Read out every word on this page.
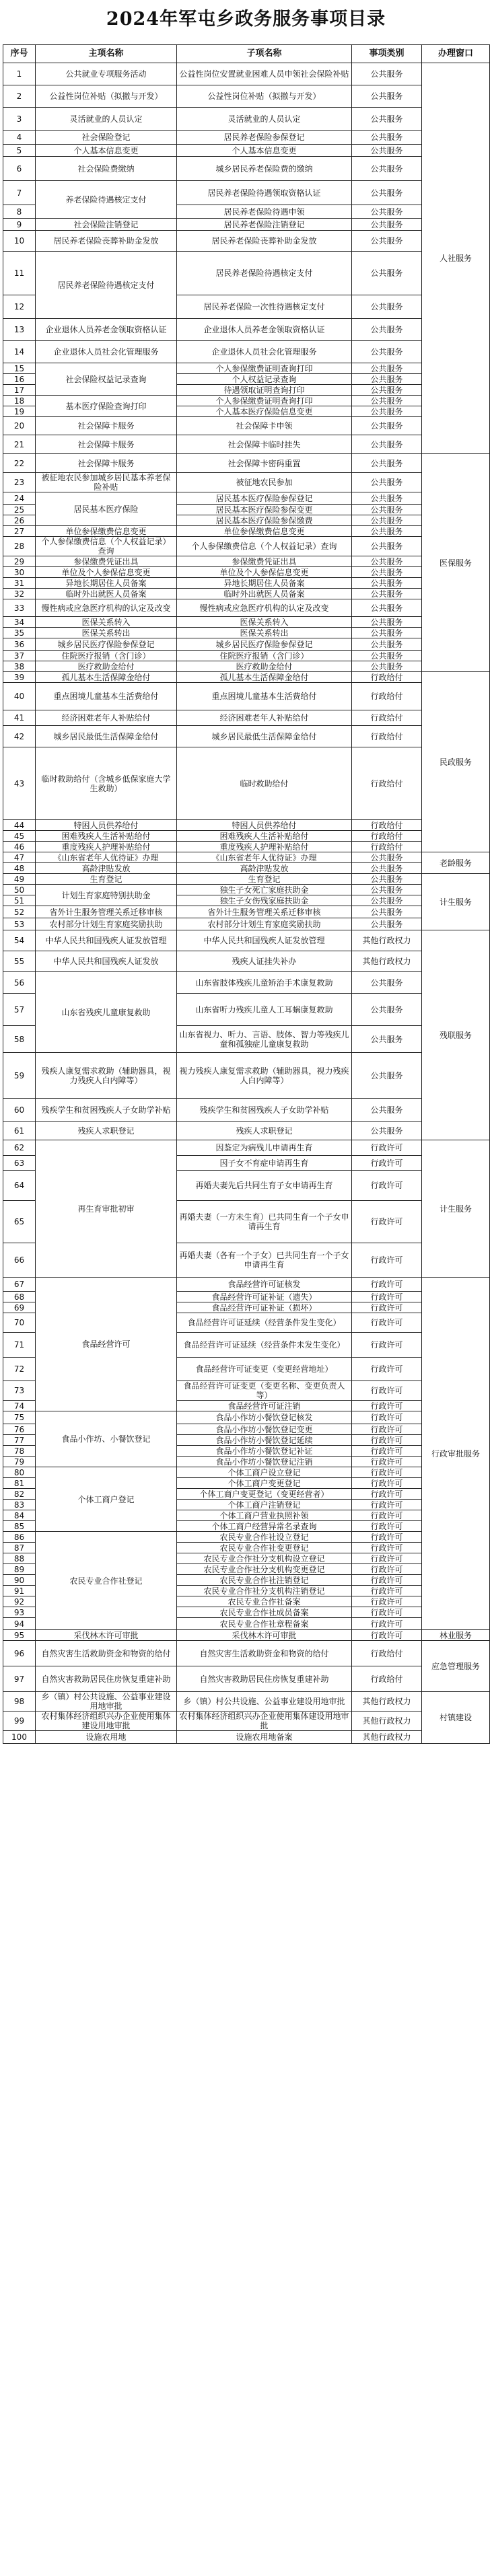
2024年军屯乡政务服务事项目录
序号	主项名称	子项名称	事项类别	办理窗口
1	公共就业专项服务活动	公益性岗位安置就业困难人员申领社会保险补贴	公共服务	人社服务
2	公益性岗位补贴（拟撤与开发）	公益性岗位补贴（拟撤与开发）	公共服务	
3	灵活就业的人员认定	灵活就业的人员认定	公共服务	
4	社会保险登记	居民养老保险参保登记	公共服务	
5	个人基本信息变更	个人基本信息变更	公共服务	
6	社会保险费缴纳	城乡居民养老保险费的缴纳	公共服务	
7	养老保险待遇核定支付	居民养老保险待遇领取资格认证	公共服务	
8		居民养老保险待遇申领	公共服务	
9	社会保险注销登记	居民养老保险注销登记	公共服务	
10	居民养老保险丧葬补助金发放	居民养老保险丧葬补助金发放	公共服务	
11	居民养老保险待遇核定支付	居民养老保险待遇核定支付	公共服务	
12		居民养老保险一次性待遇核定支付	公共服务	
13	企业退休人员养老金领取资格认证	企业退休人员养老金领取资格认证	公共服务	
14	企业退休人员社会化管理服务	企业退休人员社会化管理服务	公共服务	
15	社会保险权益记录查询	个人参保缴费证明查询打印	公共服务	
16		个人权益记录查询	公共服务	
17		待遇领取证明查询打印	公共服务	
18	基本医疗保险查询打印	个人参保缴费证明查询打印	公共服务	
19		个人基本医疗保险信息变更	公共服务	
20	社会保障卡服务	社会保障卡申领	公共服务	
21	社会保障卡服务	社会保障卡临时挂失	公共服务	
22	社会保障卡服务	社会保障卡密码重置	公共服务	医保服务
23	被征地农民参加城乡居民基本养老保险补贴	被征地农民参加	公共服务	
24	居民基本医疗保险	居民基本医疗保险参保登记	公共服务	
25		居民基本医疗保险参保变更	公共服务	
26		居民基本医疗保险参保缴费	公共服务	
27	单位参保缴费信息变更	单位参保缴费信息变更	公共服务	
28	个人参保缴费信息（个人权益记录）查询	个人参保缴费信息（个人权益记录）查询	公共服务	
29	参保缴费凭证出具	参保缴费凭证出具	公共服务	
30	单位及个人参保信息变更	单位及个人参保信息变更	公共服务	
31	异地长期居住人员备案	异地长期居住人员备案	公共服务	
32	临时外出就医人员备案	临时外出就医人员备案	公共服务	
33	慢性病或应急医疗机构的认定及改变	慢性病或应急医疗机构的认定及改变	公共服务	
34	医保关系转入	医保关系转入	公共服务	
35	医保关系转出	医保关系转出	公共服务	
36	城乡居民医疗保险参保登记	城乡居民医疗保险参保登记	公共服务	
37	住院医疗报销（含门诊）	住院医疗报销（含门诊）	公共服务	
38	医疗救助金给付	医疗救助金给付	公共服务	
39	孤儿基本生活保障金给付	孤儿基本生活保障金给付	行政给付	民政服务
40	重点困境儿童基本生活费给付	重点困境儿童基本生活费给付	行政给付	
41	经济困难老年人补贴给付	经济困难老年人补贴给付	行政给付	
42	城乡居民最低生活保障金给付	城乡居民最低生活保障金给付	行政给付	
43	临时救助给付（含城乡低保家庭大学生救助）	临时救助给付	行政给付	
44	特困人员供养给付	特困人员供养给付	行政给付	
45	困难残疾人生活补贴给付	困难残疾人生活补贴给付	行政给付	
46	重度残疾人护理补贴给付	重度残疾人护理补贴给付	行政给付	
47	《山东省老年人优待证》办理	《山东省老年人优待证》办理	公共服务	老龄服务
48	高龄津贴发放	高龄津贴发放	公共服务	
49	生育登记	生育登记	公共服务	计生服务
50	计划生育家庭特别扶助金	独生子女死亡家庭扶助金	公共服务	
51		独生子女伤残家庭扶助金	公共服务	
52	省外计生服务管理关系迁移审核	省外计生服务管理关系迁移审核	公共服务	
53	农村部分计划生育家庭奖励扶助	农村部分计划生育家庭奖励扶助	公共服务	
54	中华人民共和国残疾人证发放管理	中华人民共和国残疾人证发放管理	其他行政权力	残联服务
55	中华人民共和国残疾人证发放	残疾人证挂失补办	其他行政权力	
56	山东省残疾儿童康复救助	山东省肢体残疾儿童矫治手术康复救助	公共服务	
57		山东省听力残疾儿童人工耳蜗康复救助	公共服务	
58		山东省视力、听力、言语、肢体、智力等残疾儿童和孤独症儿童康复救助	公共服务	
59	残疾人康复需求救助（辅助器具，视力残疾人白内障等）	视力残疾人康复需求救助（辅助器具，视力残疾人白内障等）	公共服务	
60	残疾学生和贫困残疾人子女助学补贴	残疾学生和贫困残疾人子女助学补贴	公共服务	
61	残疾人求职登记	残疾人求职登记	公共服务	
62	再生育审批初审	因鉴定为病残儿申请再生育	行政许可	计生服务
63		因子女不育症申请再生育	行政许可	
64		再婚夫妻先后共同生育子女申请再生育	行政许可	
65		再婚夫妻（一方未生育）已共同生育一个子女申请再生育	行政许可	
66		再婚夫妻（各有一个子女）已共同生育一个子女申请再生育	行政许可	
67	食品经营许可	食品经营许可证核发	行政许可	行政审批服务
68		食品经营许可证补证（遗失）	行政许可	
69		食品经营许可证补证（损坏）	行政许可	
70		食品经营许可证延续（经营条件发生变化）	行政许可	
71		食品经营许可证延续（经营条件未发生变化）	行政许可	
72		食品经营许可证变更（变更经营地址）	行政许可	
73		食品经营许可证变更（变更名称、变更负责人等）	行政许可	
74		食品经营许可证注销	行政许可	
75	食品小作坊、小餐饮登记	食品小作坊小餐饮登记核发	行政许可	
76		食品小作坊小餐饮登记变更	行政许可	
77		食品小作坊小餐饮登记延续	行政许可	
78		食品小作坊小餐饮登记补证	行政许可	
79		食品小作坊小餐饮登记注销	行政许可	
80	个体工商户登记	个体工商户设立登记	行政许可	
81		个体工商户变更登记	行政许可	
82		个体工商户变更登记（变更经营者）	行政许可	
83		个体工商户注销登记	行政许可	
84		个体工商户营业执照补领	行政许可	
85		个体工商户经营异常名录查询	行政许可	
86	农民专业合作社登记	农民专业合作社设立登记	行政许可	
87		农民专业合作社变更登记	行政许可	
88		农民专业合作社分支机构设立登记	行政许可	
89		农民专业合作社分支机构变更登记	行政许可	
90		农民专业合作社注销登记	行政许可	
91		农民专业合作社分支机构注销登记	行政许可	
92		农民专业合作社备案	行政许可	
93		农民专业合作社成员备案	行政许可	
94		农民专业合作社章程备案	行政许可	
95	采伐林木许可审批	采伐林木许可审批	行政许可	林业服务
96	自然灾害生活救助资金和物资的给付	自然灾害生活救助资金和物资的给付	行政给付	应急管理服务
97	自然灾害救助居民住房恢复重建补助	自然灾害救助居民住房恢复重建补助	行政给付	
98	乡（镇）村公共设施、公益事业建设用地审批	乡（镇）村公共设施、公益事业建设用地审批	其他行政权力	村镇建设
99	农村集体经济组织兴办企业使用集体建设用地审批	农村集体经济组织兴办企业使用集体建设用地审批	其他行政权力	
100	设施农用地	设施农用地备案	其他行政权力	
